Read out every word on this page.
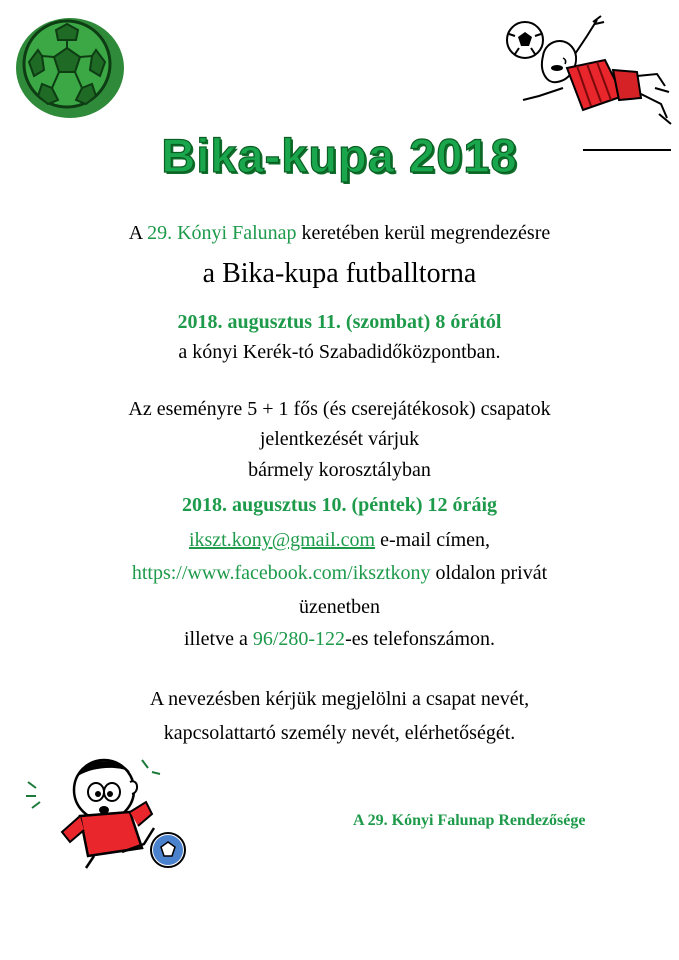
Bika-kupa 2018
A 29. Kónyi Falunap keretében kerül megrendezésre
a Bika-kupa futballtorna
2018. augusztus 11. (szombat) 8 órától
a kónyi Kerék-tó Szabadidőközpontban.
Az eseményre 5 + 1 fős (és cserejátékosok) csapatok
jelentkezését várjuk
bármely korosztályban
2018. augusztus 10. (péntek) 12 óráig
ikszt.kony@gmail.com e-mail címen,
https://www.facebook.com/iksztkony oldalon privát
üzenetben
illetve a 96/280-122-es telefonszámon.
A nevezésben kérjük megjelölni a csapat nevét,
kapcsolattartó személy nevét, elérhetőségét.
A 29. Kónyi Falunap Rendezősége
